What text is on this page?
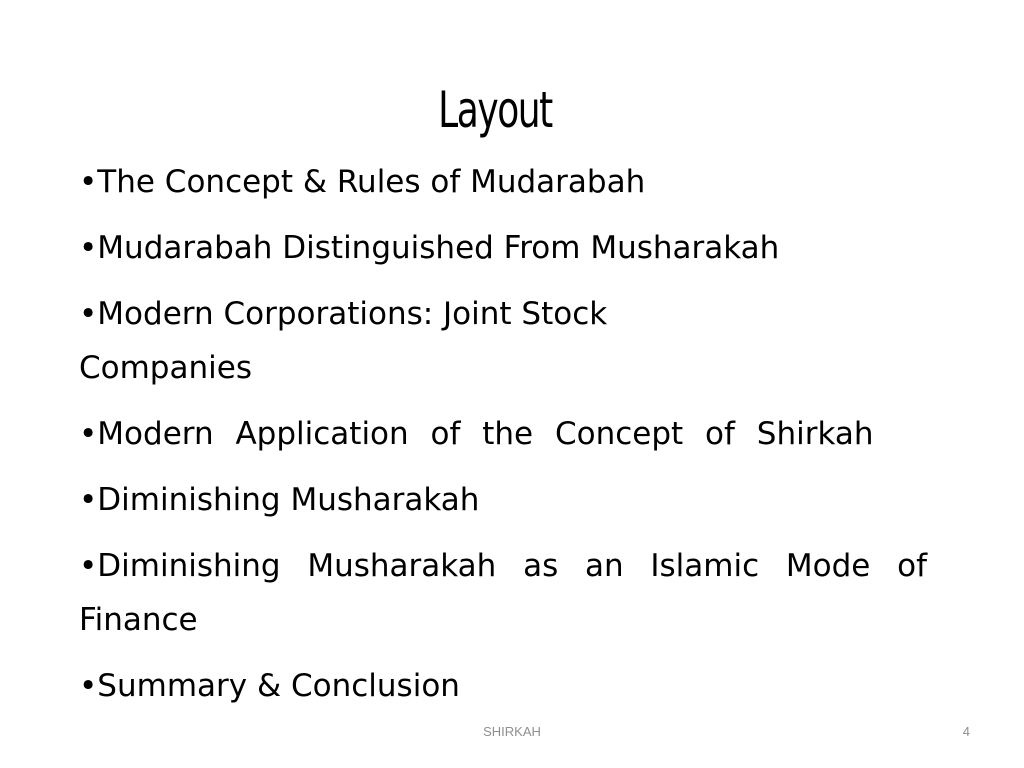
Layout
•The Concept & Rules of Mudarabah
•Mudarabah Distinguished From Musharakah
•Modern Corporations: Joint Stock Companies
•Modern Application of the Concept of Shirkah
•Diminishing Musharakah
•Diminishing Musharakah as an Islamic Mode of Finance
•Summary & Conclusion
SHIRKAH	4
